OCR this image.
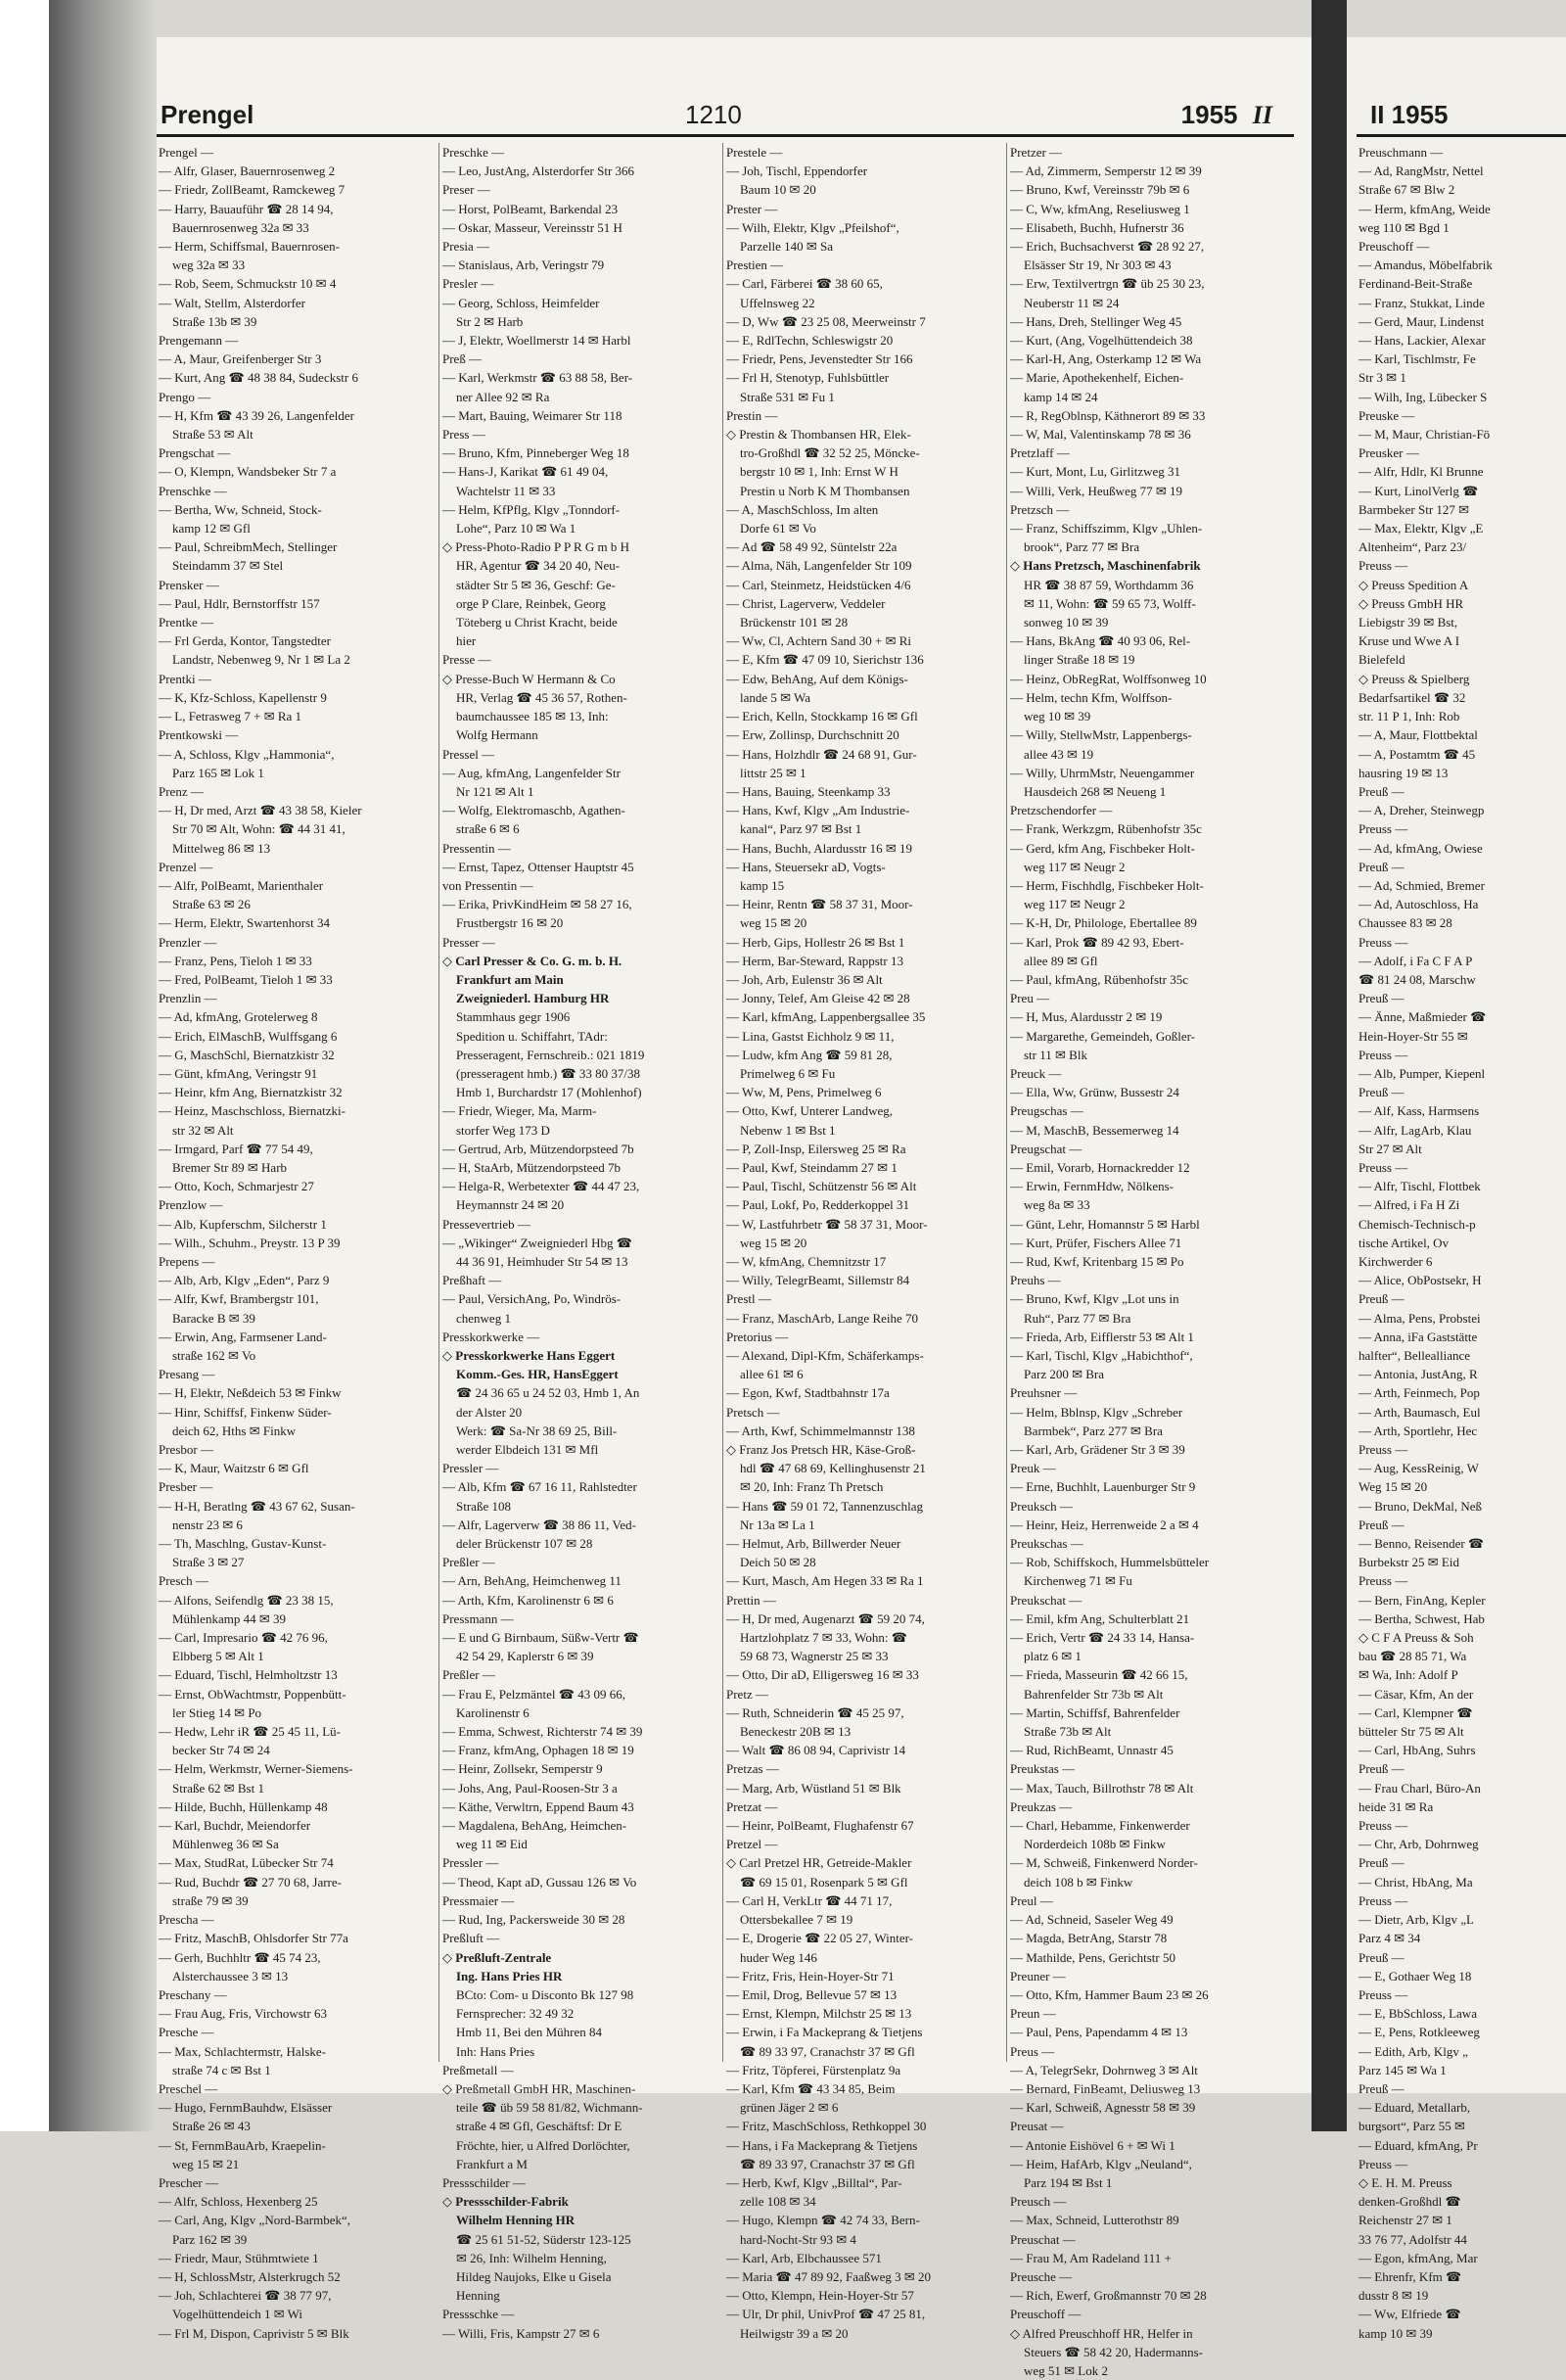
Prengel	1210	1955 II
Prengel —
— Alfr, Glaser, Bauernrosenweg 2
— Friedr, ZollBeamt, Ramckeweg 7
— Harry, Bauauführ ☎ 28 14 94,
Bauernrosenweg 32a ✉ 33
— Herm, Schiffsmal, Bauernrosen-
weg 32a ✉ 33
— Rob, Seem, Schmuckstr 10 ✉ 4
— Walt, Stellm, Alsterdorfer
Straße 13b ✉ 39
Prengemann —
— A, Maur, Greifenberger Str 3
— Kurt, Ang ☎ 48 38 84, Sudeckstr 6
Prengo —
— H, Kfm ☎ 43 39 26, Langenfelder
Straße 53 ✉ Alt
Prengschat —
— O, Klempn, Wandsbeker Str 7 a
Prenschke —
— Bertha, Ww, Schneid, Stock-
kamp 12 ✉ Gfl
— Paul, SchreibmMech, Stellinger
Steindamm 37 ✉ Stel
Prensker —
— Paul, Hdlr, Bernstorffstr 157
Prentke —
— Frl Gerda, Kontor, Tangstedter
Landstr, Nebenweg 9, Nr 1 ✉ La 2
Prentki —
— K, Kfz-Schloss, Kapellenstr 9
— L, Fetrasweg 7 + ✉ Ra 1
Prentkowski —
— A, Schloss, Klgv „Hammonia“,
Parz 165 ✉ Lok 1
Prenz —
— H, Dr med, Arzt ☎ 43 38 58, Kieler
Str 70 ✉ Alt, Wohn: ☎ 44 31 41,
Mittelweg 86 ✉ 13
Prenzel —
— Alfr, PolBeamt, Marienthaler
Straße 63 ✉ 26
— Herm, Elektr, Swartenhorst 34
Prenzler —
— Franz, Pens, Tieloh 1 ✉ 33
— Fred, PolBeamt, Tieloh 1 ✉ 33
Prenzlin —
— Ad, kfmAng, Grotelerweg 8
— Erich, ElMaschB, Wulffsgang 6
— G, MaschSchl, Biernatzkistr 32
— Günt, kfmAng, Veringstr 91
— Heinr, kfm Ang, Biernatzkistr 32
— Heinz, Maschschloss, Biernatzki-
str 32 ✉ Alt
— Irmgard, Parf ☎ 77 54 49,
Bremer Str 89 ✉ Harb
— Otto, Koch, Schmarjestr 27
Prenzlow —
— Alb, Kupferschm, Silcherstr 1
— Wilh., Schuhm., Preystr. 13 P 39
Prepens —
— Alb, Arb, Klgv „Eden“, Parz 9
— Alfr, Kwf, Brambergstr 101,
Baracke B ✉ 39
— Erwin, Ang, Farmsener Land-
straße 162 ✉ Vo
Presang —
— H, Elektr, Neßdeich 53 ✉ Finkw
— Hinr, Schiffsf, Finkenw Süder-
deich 62, Hths ✉ Finkw
Presbor —
— K, Maur, Waitzstr 6 ✉ Gfl
Presber —
— H-H, Beratlng ☎ 43 67 62, Susan-
nenstr 23 ✉ 6
— Th, Maschlng, Gustav-Kunst-
Straße 3 ✉ 27
Presch —
— Alfons, Seifendlg ☎ 23 38 15,
Mühlenkamp 44 ✉ 39
— Carl, Impresario ☎ 42 76 96,
Elbberg 5 ✉ Alt 1
— Eduard, Tischl, Helmholtzstr 13
— Ernst, ObWachtmstr, Poppenbütt-
ler Stieg 14 ✉ Po
— Hedw, Lehr iR ☎ 25 45 11, Lü-
becker Str 74 ✉ 24
— Helm, Werkmstr, Werner-Siemens-
Straße 62 ✉ Bst 1
— Hilde, Buchh, Hüllenkamp 48
— Karl, Buchdr, Meiendorfer
Mühlenweg 36 ✉ Sa
— Max, StudRat, Lübecker Str 74
— Rud, Buchdr ☎ 27 70 68, Jarre-
straße 79 ✉ 39
Prescha —
— Fritz, MaschB, Ohlsdorfer Str 77a
— Gerh, Buchhltr ☎ 45 74 23,
Alsterchaussee 3 ✉ 13
Preschany —
— Frau Aug, Fris, Virchowstr 63
Presche —
— Max, Schlachtermstr, Halske-
straße 74 c ✉ Bst 1
Preschel —
— Hugo, FernmBauhdw, Elsässer
Straße 26 ✉ 43
— St, FernmBauArb, Kraepelin-
weg 15 ✉ 21
Prescher —
— Alfr, Schloss, Hexenberg 25
— Carl, Ang, Klgv „Nord-Barmbek“,
Parz 162 ✉ 39
— Friedr, Maur, Stühmtwiete 1
— H, SchlossMstr, Alsterkrugch 52
— Joh, Schlachterei ☎ 38 77 97,
Vogelhüttendeich 1 ✉ Wi
— Frl M, Dispon, Caprivistr 5 ✉ Blk
Preschke —
— Leo, JustAng, Alsterdorfer Str 366
Preser —
— Horst, PolBeamt, Barkendal 23
— Oskar, Masseur, Vereinsstr 51 H
Presia —
— Stanislaus, Arb, Veringstr 79
Presler —
— Georg, Schloss, Heimfelder
Str 2 ✉ Harb
— J, Elektr, Woellmerstr 14 ✉ Harbl
Preß —
— Karl, Werkmstr ☎ 63 88 58, Ber-
ner Allee 92 ✉ Ra
— Mart, Bauing, Weimarer Str 118
Press —
— Bruno, Kfm, Pinneberger Weg 18
— Hans-J, Karikat ☎ 61 49 04,
Wachtelstr 11 ✉ 33
— Helm, KfPflg, Klgv „Tonndorf-
Lohe“, Parz 10 ✉ Wa 1
◇ Press-Photo-Radio P P R G m b H
HR, Agentur ☎ 34 20 40, Neu-
städter Str 5 ✉ 36, Geschf: Ge-
orge P Clare, Reinbek, Georg
Töteberg u Christ Kracht, beide
hier
Presse —
◇ Presse-Buch W Hermann & Co
HR, Verlag ☎ 45 36 57, Rothen-
baumchaussee 185 ✉ 13, Inh:
Wolfg Hermann
Pressel —
— Aug, kfmAng, Langenfelder Str
Nr 121 ✉ Alt 1
— Wolfg, Elektromaschb, Agathen-
straße 6 ✉ 6
Pressentin —
— Ernst, Tapez, Ottenser Hauptstr 45
von Pressentin —
— Erika, PrivKindHeim ✉ 58 27 16,
Frustbergstr 16 ✉ 20
Presser —
◇ Carl Presser & Co. G. m. b. H.
Frankfurt am Main
Zweigniederl. Hamburg HR
Stammhaus gegr 1906
Spedition u. Schiffahrt, TAdr:
Presseragent, Fernschreib.: 021 1819
(presseragent hmb.) ☎ 33 80 37/38
Hmb 1, Burchardstr 17 (Mohlenhof)
— Friedr, Wieger, Ma, Marm-
storfer Weg 173 D
— Gertrud, Arb, Mützendorpsteed 7b
— H, StaArb, Mützendorpsteed 7b
— Helga-R, Werbetexter ☎ 44 47 23,
Heymannstr 24 ✉ 20
Pressevertrieb —
— „Wikinger“ Zweigniederl Hbg ☎
44 36 91, Heimhuder Str 54 ✉ 13
Preßhaft —
— Paul, VersichAng, Po, Windrös-
chenweg 1
Presskorkwerke —
◇ Presskorkwerke Hans Eggert
Komm.-Ges. HR, HansEggert
☎ 24 36 65 u 24 52 03, Hmb 1, An
der Alster 20
Werk: ☎ Sa-Nr 38 69 25, Bill-
werder Elbdeich 131 ✉ Mfl
Pressler —
— Alb, Kfm ☎ 67 16 11, Rahlstedter
Straße 108
— Alfr, Lagerverw ☎ 38 86 11, Ved-
deler Brückenstr 107 ✉ 28
Preßler —
— Arn, BehAng, Heimchenweg 11
— Arth, Kfm, Karolinenstr 6 ✉ 6
Pressmann —
— E und G Birnbaum, Süßw-Vertr ☎
42 54 29, Kaplerstr 6 ✉ 39
Preßler —
— Frau E, Pelzmäntel ☎ 43 09 66,
Karolinenstr 6
— Emma, Schwest, Richterstr 74 ✉ 39
— Franz, kfmAng, Ophagen 18 ✉ 19
— Heinr, Zollsekr, Semperstr 9
— Johs, Ang, Paul-Roosen-Str 3 a
— Käthe, Verwltrn, Eppend Baum 43
— Magdalena, BehAng, Heimchen-
weg 11 ✉ Eid
Pressler —
— Theod, Kapt aD, Gussau 126 ✉ Vo
Pressmaier —
— Rud, Ing, Packersweide 30 ✉ 28
Preßluft —
◇ Preßluft-Zentrale
Ing. Hans Pries HR
BCto: Com- u Disconto Bk 127 98
Fernsprecher: 32 49 32
Hmb 11, Bei den Mühren 84
Inh: Hans Pries
Preßmetall —
◇ Preßmetall GmbH HR, Maschinen-
teile ☎ üb 59 58 81/82, Wichmann-
straße 4 ✉ Gfl, Geschäftsf: Dr E
Fröchte, hier, u Alfred Dorlöchter,
Frankfurt a M
Pressschilder —
◇ Pressschilder-Fabrik
Wilhelm Henning HR
☎ 25 61 51-52, Süderstr 123-125
✉ 26, Inh: Wilhelm Henning,
Hildeg Naujoks, Elke u Gisela
Henning
Pressschke —
— Willi, Fris, Kampstr 27 ✉ 6
Prestele —
— Joh, Tischl, Eppendorfer
Baum 10 ✉ 20
Prester —
— Wilh, Elektr, Klgv „Pfeilshof“,
Parzelle 140 ✉ Sa
Prestien —
— Carl, Färberei ☎ 38 60 65,
Uffelnsweg 22
— D, Ww ☎ 23 25 08, Meerweinstr 7
— E, RdlTechn, Schleswigstr 20
— Friedr, Pens, Jevenstedter Str 166
— Frl H, Stenotyp, Fuhlsbüttler
Straße 531 ✉ Fu 1
Prestin —
◇ Prestin & Thombansen HR, Elek-
tro-Großhdl ☎ 32 52 25, Mönckе-
bergstr 10 ✉ 1, Inh: Ernst W H
Prestin u Norb K M Thombansen
— A, MaschSchloss, Im alten
Dorfe 61 ✉ Vo
— Ad ☎ 58 49 92, Süntelstr 22a
— Alma, Näh, Langenfelder Str 109
— Carl, Steinmetz, Heidstücken 4/6
— Christ, Lagerverw, Veddeler
Brückenstr 101 ✉ 28
— Ww, Cl, Achtern Sand 30 + ✉ Ri
— E, Kfm ☎ 47 09 10, Sierichstr 136
— Edw, BehAng, Auf dem Königs-
lande 5 ✉ Wa
— Erich, Kelln, Stockkamp 16 ✉ Gfl
— Erw, Zollinsp, Durchschnitt 20
— Hans, Holzhdlr ☎ 24 68 91, Gur-
littstr 25 ✉ 1
— Hans, Bauing, Steenkamp 33
— Hans, Kwf, Klgv „Am Industrie-
kanal“, Parz 97 ✉ Bst 1
— Hans, Buchh, Alardusstr 16 ✉ 19
— Hans, Steuersekr aD, Vogts-
kamp 15
— Heinr, Rentn ☎ 58 37 31, Moor-
weg 15 ✉ 20
— Herb, Gips, Hollestr 26 ✉ Bst 1
— Herm, Bar-Steward, Rappstr 13
— Joh, Arb, Eulenstr 36 ✉ Alt
— Jonny, Telef, Am Gleise 42 ✉ 28
— Karl, kfmAng, Lappenbergsallee 35
— Lina, Gastst Eichholz 9 ✉ 11,
— Ludw, kfm Ang ☎ 59 81 28,
Primelweg 6 ✉ Fu
— Ww, M, Pens, Primelweg 6
— Otto, Kwf, Unterer Landweg,
Nebenw 1 ✉ Bst 1
— P, Zoll-Insp, Eilersweg 25 ✉ Ra
— Paul, Kwf, Steindamm 27 ✉ 1
— Paul, Tischl, Schützenstr 56 ✉ Alt
— Paul, Lokf, Po, Redderkoppel 31
— W, Lastfuhrbetr ☎ 58 37 31, Moor-
weg 15 ✉ 20
— W, kfmAng, Chemnitzstr 17
— Willy, TelegrBeamt, Sillemstr 84
Prestl —
— Franz, MaschArb, Lange Reihe 70
Pretorius —
— Alexand, Dipl-Kfm, Schäferkamps-
allee 61 ✉ 6
— Egon, Kwf, Stadtbahnstr 17a
Pretsch —
— Arth, Kwf, Schimmelmannstr 138
◇ Franz Jos Pretsch HR, Käse-Groß-
hdl ☎ 47 68 69, Kellinghusenstr 21
✉ 20, Inh: Franz Th Pretsch
— Hans ☎ 59 01 72, Tannenzuschlag
Nr 13a ✉ La 1
— Helmut, Arb, Billwerder Neuer
Deich 50 ✉ 28
— Kurt, Masch, Am Hegen 33 ✉ Ra 1
Prettin —
— H, Dr med, Augenarzt ☎ 59 20 74,
Hartzlohplatz 7 ✉ 33, Wohn: ☎
59 68 73, Wagnerstr 25 ✉ 33
— Otto, Dir aD, Elligersweg 16 ✉ 33
Pretz —
— Ruth, Schneiderin ☎ 45 25 97,
Beneckestr 20B ✉ 13
— Walt ☎ 86 08 94, Caprivistr 14
Pretzas —
— Marg, Arb, Wüstland 51 ✉ Blk
Pretzat —
— Heinr, PolBeamt, Flughafenstr 67
Pretzel —
◇ Carl Pretzel HR, Getreide-Makler
☎ 69 15 01, Rosenpark 5 ✉ Gfl
— Carl H, VerkLtr ☎ 44 71 17,
Ottersbekallee 7 ✉ 19
— E, Drogerie ☎ 22 05 27, Winter-
huder Weg 146
— Fritz, Fris, Hein-Hoyer-Str 71
— Emil, Drog, Bellevue 57 ✉ 13
— Ernst, Klempn, Milchstr 25 ✉ 13
— Erwin, i Fa Mackeprang & Tietjens
☎ 89 33 97, Cranachstr 37 ✉ Gfl
— Fritz, Töpferei, Fürstenplatz 9a
— Karl, Kfm ☎ 43 34 85, Beim
grünen Jäger 2 ✉ 6
— Fritz, MaschSchloss, Rethkoppel 30
— Hans, i Fa Mackeprang & Tietjens
☎ 89 33 97, Cranachstr 37 ✉ Gfl
— Herb, Kwf, Klgv „Billtal“, Par-
zelle 108 ✉ 34
— Hugo, Klempn ☎ 42 74 33, Bern-
hard-Nocht-Str 93 ✉ 4
— Karl, Arb, Elbchaussee 571
— Maria ☎ 47 89 92, Faaßweg 3 ✉ 20
— Otto, Klempn, Hein-Hoyer-Str 57
— Ulr, Dr phil, UnivProf ☎ 47 25 81,
Heilwigstr 39 a ✉ 20
Pretzer —
— Ad, Zimmerm, Semperstr 12 ✉ 39
— Bruno, Kwf, Vereinsstr 79b ✉ 6
— C, Ww, kfmAng, Reseliusweg 1
— Elisabeth, Buchh, Hufnerstr 36
— Erich, Buchsachverst ☎ 28 92 27,
Elsässer Str 19, Nr 303 ✉ 43
— Erw, Textilvertrgn ☎ üb 25 30 23,
Neuberstr 11 ✉ 24
— Hans, Dreh, Stellinger Weg 45
— Kurt, (Ang, Vogelhüttendeich 38
— Karl-H, Ang, Osterkamp 12 ✉ Wa
— Marie, Apothekenhelf, Eichen-
kamp 14 ✉ 24
— R, RegOblnsp, Käthnerort 89 ✉ 33
— W, Mal, Valentinskamp 78 ✉ 36
Pretzlaff —
— Kurt, Mont, Lu, Girlitzweg 31
— Willi, Verk, Heußweg 77 ✉ 19
Pretzsch —
— Franz, Schiffszimm, Klgv „Uhlen-
brook“, Parz 77 ✉ Bra
◇ Hans Pretzsch, Maschinenfabrik
HR ☎ 38 87 59, Worthdamm 36
✉ 11, Wohn: ☎ 59 65 73, Wolff-
sonweg 10 ✉ 39
— Hans, BkAng ☎ 40 93 06, Rel-
linger Straße 18 ✉ 19
— Heinz, ObRegRat, Wolffsonweg 10
— Helm, techn Kfm, Wolffson-
weg 10 ✉ 39
— Willy, StellwMstr, Lappenbergs-
allee 43 ✉ 19
— Willy, UhrmMstr, Neuengammer
Hausdeich 268 ✉ Neueng 1
Pretzschendorfer —
— Frank, Werkzgm, Rübenhofstr 35c
— Gerd, kfm Ang, Fischbeker Holt-
weg 117 ✉ Neugr 2
— Herm, Fischhdlg, Fischbeker Holt-
weg 117 ✉ Neugr 2
— K-H, Dr, Philologe, Ebertallee 89
— Karl, Prok ☎ 89 42 93, Ebert-
allee 89 ✉ Gfl
— Paul, kfmAng, Rübenhofstr 35c
Preu —
— H, Mus, Alardusstr 2 ✉ 19
— Margarethe, Gemeindeh, Goßler-
str 11 ✉ Blk
Preuck —
— Ella, Ww, Grünw, Bussestr 24
Preugschas —
— M, MaschB, Bessemerweg 14
Preugschat —
— Emil, Vorarb, Hornackredder 12
— Erwin, FernmHdw, Nölkens-
weg 8a ✉ 33
— Günt, Lehr, Homannstr 5 ✉ Harbl
— Kurt, Prüfer, Fischers Allee 71
— Rud, Kwf, Kritenbarg 15 ✉ Po
Preuhs —
— Bruno, Kwf, Klgv „Lot uns in
Ruh“, Parz 77 ✉ Bra
— Frieda, Arb, Eifflerstr 53 ✉ Alt 1
— Karl, Tischl, Klgv „Habichthof“,
Parz 200 ✉ Bra
Preuhsner —
— Helm, Bblnsp, Klgv „Schreber
Barmbek“, Parz 277 ✉ Bra
— Karl, Arb, Grädener Str 3 ✉ 39
Preuk —
— Erne, Buchhlt, Lauenburger Str 9
Preuksch —
— Heinr, Heiz, Herrenweide 2 a ✉ 4
Preukschas —
— Rob, Schiffskoch, Hummelsbütteler
Kirchenweg 71 ✉ Fu
Preukschat —
— Emil, kfm Ang, Schulterblatt 21
— Erich, Vertr ☎ 24 33 14, Hansa-
platz 6 ✉ 1
— Frieda, Masseurin ☎ 42 66 15,
Bahrenfelder Str 73b ✉ Alt
— Martin, Schiffsf, Bahrenfelder
Straße 73b ✉ Alt
— Rud, RichBeamt, Unnastr 45
Preukstas —
— Max, Tauch, Billrothstr 78 ✉ Alt
Preukzas —
— Charl, Hebamme, Finkenwerder
Norderdeich 108b ✉ Finkw
— M, Schweiß, Finkenwerd Norder-
deich 108 b ✉ Finkw
Preul —
— Ad, Schneid, Saseler Weg 49
— Magda, BetrAng, Starstr 78
— Mathilde, Pens, Gerichtstr 50
Preuner —
— Otto, Kfm, Hammer Baum 23 ✉ 26
Preun —
— Paul, Pens, Papendamm 4 ✉ 13
Preus —
— A, TelegrSekr, Dohrnweg 3 ✉ Alt
— Bernard, FinBeamt, Deliusweg 13
— Karl, Schweiß, Agnesstr 58 ✉ 39
Preusat —
— Antonie Eishövel 6 + ✉ Wi 1
— Heim, HafArb, Klgv „Neuland“,
Parz 194 ✉ Bst 1
Preusch —
— Max, Schneid, Lutterothstr 89
Preuschat —
— Frau M, Am Radeland 111 +
Preusche —
— Rich, Ewerf, Großmannstr 70 ✉ 28
Preuschoff —
◇ Alfred Preuschhoff HR, Helfer in
Steuers ☎ 58 42 20, Hadermanns-
weg 51 ✉ Lok 2
II 1955
Preuschmann —
— Ad, RangMstr, Nettel
Straße 67 ✉ Blw 2
— Herm, kfmAng, Weide
weg 110 ✉ Bgd 1
Preuschoff —
— Amandus, Möbelfabrik
Ferdinand-Beit-Straße
— Franz, Stukkat, Linde
— Gerd, Maur, Lindenst
— Hans, Lackier, Alexar
— Karl, Tischlmstr, Fe
Str 3 ✉ 1
— Wilh, Ing, Lübecker S
Preuske —
— M, Maur, Christian-Fö
Preusker —
— Alfr, Hdlr, Kl Brunne
— Kurt, LinolVerlg ☎
Barmbeker Str 127 ✉
— Max, Elektr, Klgv „E
Altenheim“, Parz 23/
Preuss —
◇ Preuss Spedition A
◇ Preuss GmbH HR
Liebigstr 39 ✉ Bst,
Kruse und Wwe A I
Bielefeld
◇ Preuss & Spielberg
Bedarfsartikel ☎ 32
str. 11 P 1, Inh: Rob
— A, Maur, Flottbektal
— A, Postamtm ☎ 45
hausring 19 ✉ 13
Preuß —
— A, Dreher, Steinwegp
Preuss —
— Ad, kfmAng, Owiese
Preuß —
— Ad, Schmied, Bremer
— Ad, Autoschloss, Ha
Chaussee 83 ✉ 28
Preuss —
— Adolf, i Fa C F A P
☎ 81 24 08, Marschw
Preuß —
— Änne, Maßmieder ☎
Hein-Hoyer-Str 55 ✉
Preuss —
— Alb, Pumper, Kiepenl
Preuß —
— Alf, Kass, Harmsens
— Alfr, LagArb, Klau
Str 27 ✉ Alt
Preuss —
— Alfr, Tischl, Flottbek
— Alfred, i Fa H Zi
Chemisch-Technisch-p
tische Artikel, Ov
Kirchwerder 6
— Alice, ObPostsekr, H
Preuß —
— Alma, Pens, Probstei
— Anna, iFa Gaststätte
halfter“, Bellealliance
— Antonia, JustAng, R
— Arth, Feinmech, Pop
— Arth, Baumasch, Eul
— Arth, Sportlehr, Hec
Preuss —
— Aug, KessReinig, W
Weg 15 ✉ 20
— Bruno, DekMal, Neß
Preuß —
— Benno, Reisender ☎
Burbekstr 25 ✉ Eid
Preuss —
— Bern, FinAng, Kepler
— Bertha, Schwest, Hab
◇ C F A Preuss & Soh
bau ☎ 28 85 71, Wa
✉ Wa, Inh: Adolf P
— Cäsar, Kfm, An der
— Carl, Klempner ☎
bütteler Str 75 ✉ Alt
— Carl, HbAng, Suhrs
Preuß —
— Frau Charl, Büro-An
heide 31 ✉ Ra
Preuss —
— Chr, Arb, Dohrnweg
Preuß —
— Christ, HbAng, Ma
Preuss —
— Dietr, Arb, Klgv „L
Parz 4 ✉ 34
Preuß —
— E, Gothaer Weg 18
Preuss —
— E, BbSchloss, Lawa
— E, Pens, Rotkleeweg
— Edith, Arb, Klgv „
Parz 145 ✉ Wa 1
Preuß —
— Eduard, Metallarb,
burgsort“, Parz 55 ✉
— Eduard, kfmAng, Pr
Preuss —
◇ E. H. M. Preuss
denken-Großhdl ☎
Reichenstr 27 ✉ 1
33 76 77, Adolfstr 44
— Egon, kfmAng, Mar
— Ehrenfr, Kfm ☎
dusstr 8 ✉ 19
— Ww, Elfriede ☎
kamp 10 ✉ 39
